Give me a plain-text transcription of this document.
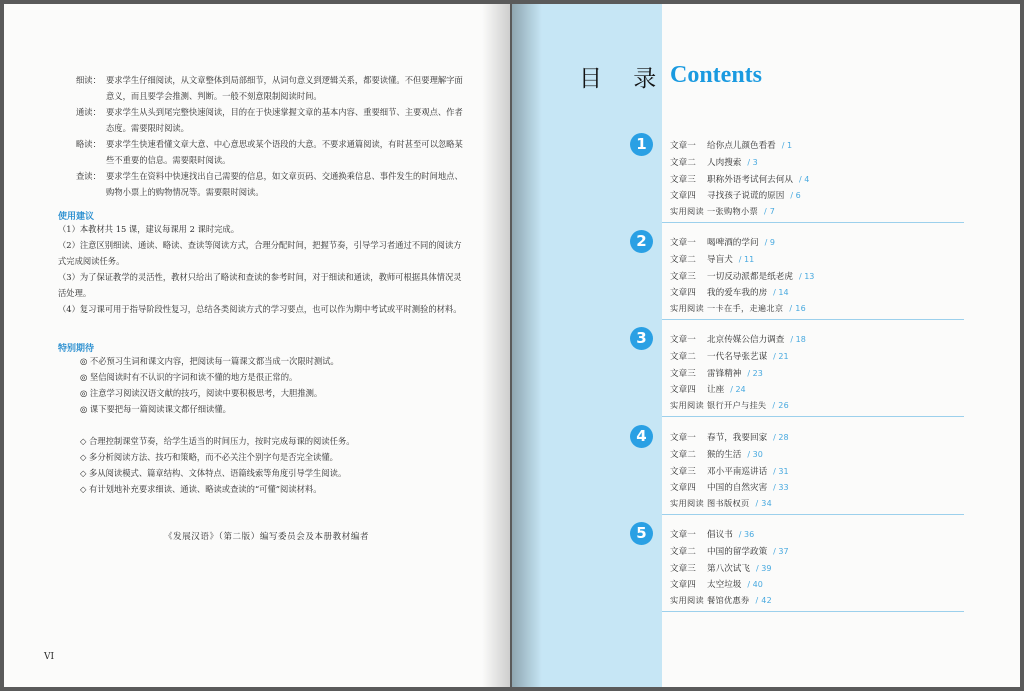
细读： 要求学生仔细阅读，从文章整体到局部细节，从词句意义到逻辑关系，都要读懂。不但要理解字面意义，而且要学会推测、判断。一般不刻意限制阅读时间。
通读： 要求学生从头到尾完整快速阅读，目的在于快速掌握文章的基本内容、重要细节、主要观点、作者态度。需要限时阅读。
略读： 要求学生快速看懂文章大意、中心意思或某个语段的大意。不要求通篇阅读，有时甚至可以忽略某些不重要的信息。需要限时阅读。
查读： 要求学生在资料中快速找出自己需要的信息，如文章页码、交通换乘信息、事件发生的时间地点、购物小票上的购物情况等。需要限时阅读。
使用建议
（1）本教材共 15 课，建议每课用 2 课时完成。
（2）注意区别细读、通读、略读、查读等阅读方式，合理分配时间，把握节奏，引导学习者通过不同的阅读方式完成阅读任务。
（3）为了保证教学的灵活性，教材只给出了略读和查读的参考时间，对于细读和通读，教师可根据具体情况灵活处理。
（4）复习课可用于指导阶段性复习，总结各类阅读方式的学习要点，也可以作为期中考试或平时测验的材料。
特别期待
◎ 不必预习生词和课文内容，把阅读每一篇课文都当成一次限时测试。
◎ 坚信阅读时有不认识的字词和读不懂的地方是很正常的。
◎ 注意学习阅读汉语文献的技巧，阅读中要积极思考，大胆推测。
◎ 课下要把每一篇阅读课文都仔细读懂。
◇ 合理控制课堂节奏，给学生适当的时间压力，按时完成每课的阅读任务。
◇ 多分析阅读方法、技巧和策略，而不必关注个别字句是否完全读懂。
◇ 多从阅读模式、篇章结构、文体特点、语篇线索等角度引导学生阅读。
◇ 有计划地补充要求细读、通读、略读或查读的“可懂”阅读材料。
《发展汉语》（第二版）编写委员会及本册教材编者
VI
目 录 Contents
1	文章一 给你点儿颜色看看 / 1
文章二 人肉搜索 / 3
文章三 职称外语考试何去何从 / 4
文章四 寻找孩子说谎的原因 / 6
实用阅读 一张购物小票 / 7
2	文章一 喝啤酒的学问 / 9
文章二 导盲犬 / 11
文章三 一切反动派都是纸老虎 / 13
文章四 我的爱车我的房 / 14
实用阅读 一卡在手，走遍北京 / 16
3	文章一 北京传媒公信力调查 / 18
文章二 一代名导张艺谋 / 21
文章三 雷锋精神 / 23
文章四 让座 / 24
实用阅读 银行开户与挂失 / 26
4	文章一 春节，我要回家 / 28
文章二 猴的生活 / 30
文章三 邓小平南巡讲话 / 31
文章四 中国的自然灾害 / 33
实用阅读 图书版权页 / 34
5	文章一 倡议书 / 36
文章二 中国的留学政策 / 37
文章三 第八次试飞 / 39
文章四 太空垃圾 / 40
实用阅读 餐馆优惠券 / 42
